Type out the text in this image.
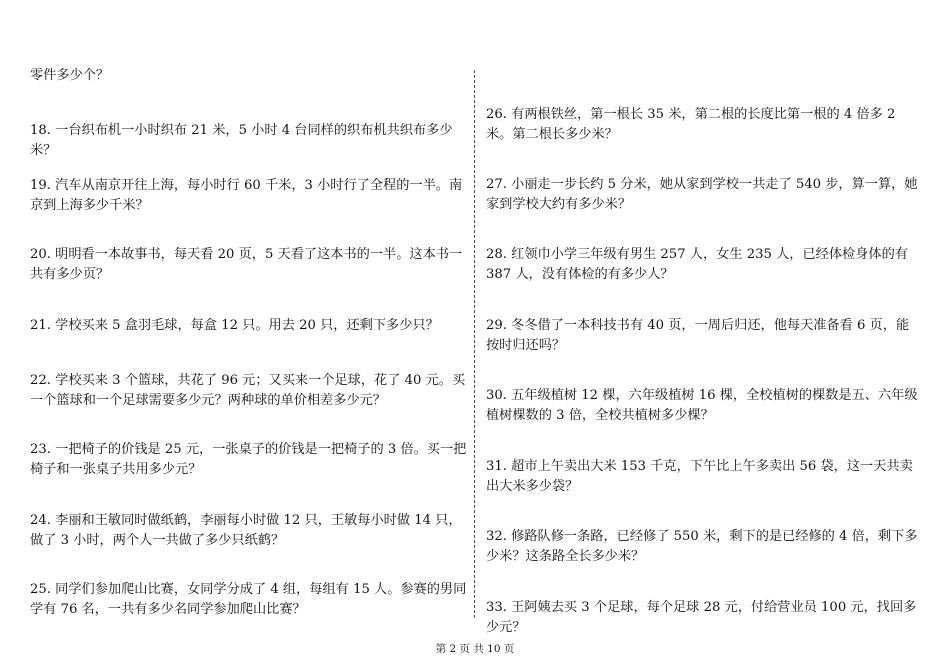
零件多少个？
18. 一台织布机一小时织布 21 米，5 小时 4 台同样的织布机共织布多少米？
19. 汽车从南京开往上海，每小时行 60 千米，3 小时行了全程的一半。南京到上海多少千米？
20. 明明看一本故事书，每天看 20 页，5 天看了这本书的一半。这本书一共有多少页？
21. 学校买来 5 盒羽毛球，每盒 12 只。用去 20 只，还剩下多少只？
22. 学校买来 3 个篮球，共花了 96 元；又买来一个足球，花了 40 元。买一个篮球和一个足球需要多少元？两种球的单价相差多少元？
23. 一把椅子的价钱是 25 元，一张桌子的价钱是一把椅子的 3 倍。买一把椅子和一张桌子共用多少元？
24. 李丽和王敏同时做纸鹤，李丽每小时做 12 只，王敏每小时做 14 只，做了 3 小时，两个人一共做了多少只纸鹤？
25. 同学们参加爬山比赛，女同学分成了 4 组，每组有 15 人。参赛的男同学有 76 名，一共有多少名同学参加爬山比赛？
26. 有两根铁丝，第一根长 35 米，第二根的长度比第一根的 4 倍多 2 米。第二根长多少米？
27. 小丽走一步长约 5 分米，她从家到学校一共走了 540 步，算一算，她家到学校大约有多少米？
28. 红领巾小学三年级有男生 257 人，女生 235 人，已经体检身体的有 387 人，没有体检的有多少人？
29. 冬冬借了一本科技书有 40 页，一周后归还，他每天准备看 6 页，能按时归还吗？
30. 五年级植树 12 棵，六年级植树 16 棵，全校植树的棵数是五、六年级植树棵数的 3 倍，全校共植树多少棵？
31. 超市上午卖出大米 153 千克，下午比上午多卖出 56 袋，这一天共卖出大米多少袋？
32. 修路队修一条路，已经修了 550 米，剩下的是已经修的 4 倍，剩下多少米？这条路全长多少米？
33. 王阿姨去买 3 个足球，每个足球 28 元，付给营业员 100 元，找回多少元？
第 2 页 共 10 页
